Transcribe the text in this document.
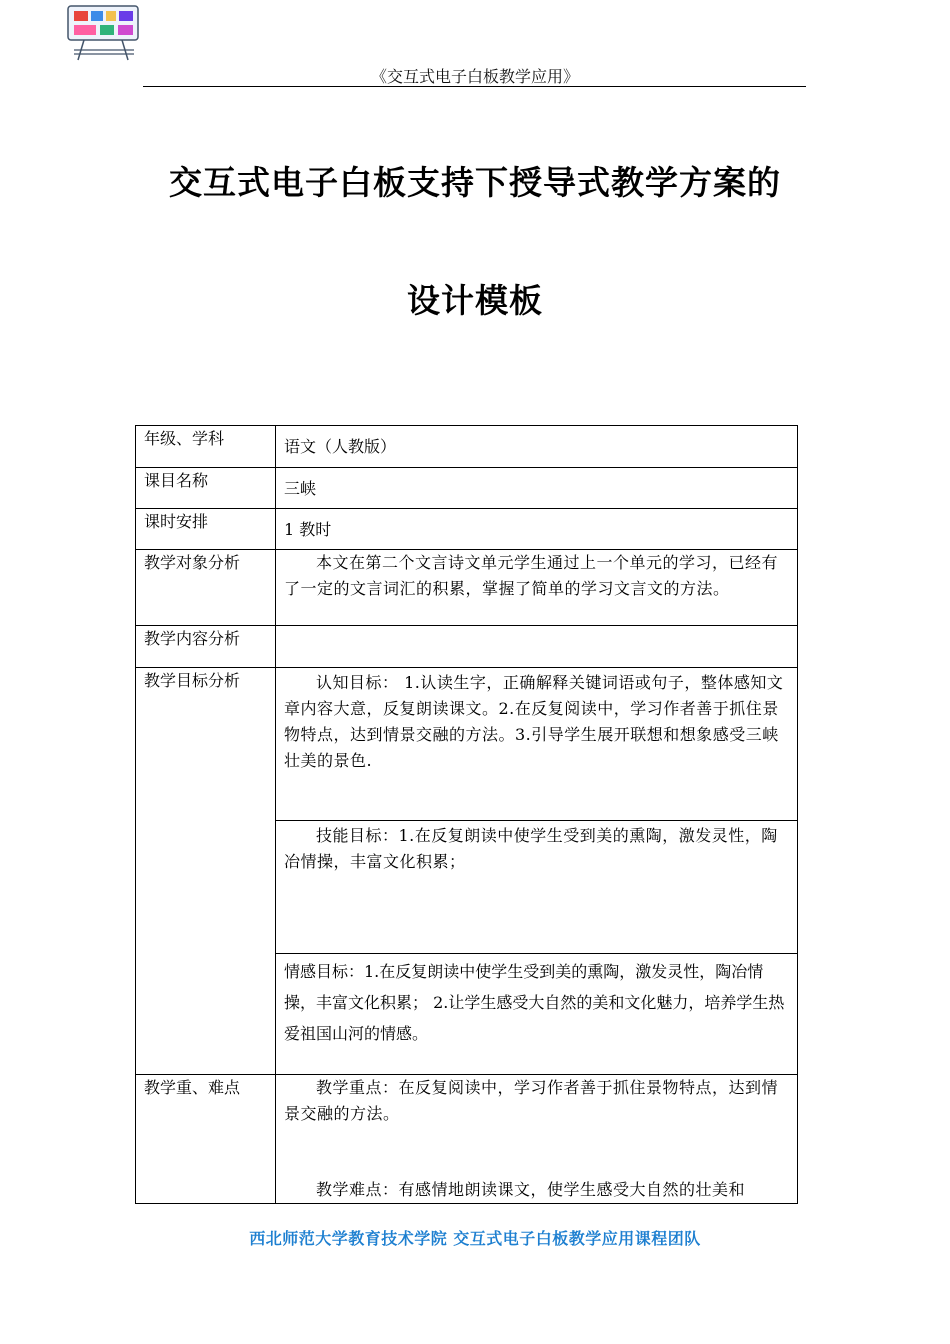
《交互式电子白板教学应用》
交互式电子白板支持下授导式教学方案的
设计模板
年级、学科	语文（人教版）
课目名称	三峡
课时安排	1 教时
教学对象分析	本文在第二个文言诗文单元学生通过上一个单元的学习，已经有了一定的文言词汇的积累，掌握了简单的学习文言文的方法。

教学内容分析	
教学目标分析	认知目标： 1.认读生字，正确解释关键词语或句子，整体感知文章内容大意，反复朗读课文。2.在反复阅读中，学习作者善于抓住景物特点，达到情景交融的方法。3.引导学生展开联想和想象感受三峡壮美的景色.

	技能目标：1.在反复朗读中使学生受到美的熏陶，激发灵性，陶冶情操，丰富文化积累；

	情感目标：1.在反复朗读中使学生受到美的熏陶，激发灵性，陶冶情操，丰富文化积累； 2.让学生感受大自然的美和文化魅力，培养学生热爱祖国山河的情感。

教学重、难点	教学重点：在反复阅读中，学习作者善于抓住景物特点，达到情景交融的方法。

教学难点：有感情地朗读课文，使学生感受大自然的壮美和

西北师范大学教育技术学院 交互式电子白板教学应用课程团队
